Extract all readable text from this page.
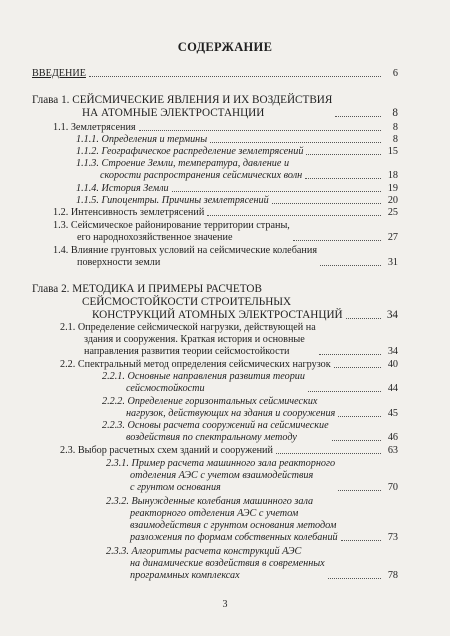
СОДЕРЖАНИЕ
ВВЕДЕНИЕ	6
Глава 1. СЕЙСМИЧЕСКИЕ ЯВЛЕНИЯ И ИХ ВОЗДЕЙСТВИЯ
НА АТОМНЫЕ ЭЛЕКТРОСТАНЦИИ	8
1.1. Землетрясения	8
1.1.1. Определения и термины	8
1.1.2. Географическое распределение землетрясений	15
1.1.3. Строение Земли, температура, давление и
скорости распространения сейсмических волн	18
1.1.4. История Земли	19
1.1.5. Гипоцентры. Причины землетрясений	20
1.2. Интенсивность землетрясений	25
1.3. Сейсмическое районирование территории страны,
его народнохозяйственное значение	27
1.4. Влияние грунтовых условий на сейсмические колебания
поверхности земли	31
Глава 2. МЕТОДИКА И ПРИМЕРЫ РАСЧЕТОВ
СЕЙСМОСТОЙКОСТИ СТРОИТЕЛЬНЫХ
КОНСТРУКЦИЙ АТОМНЫХ ЭЛЕКТРОСТАНЦИЙ	34
2.1. Определение сейсмической нагрузки, действующей на
здания и сооружения. Краткая история и основные
направления развития теории сейсмостойкости	34
2.2. Спектральный метод определения сейсмических нагрузок	40
2.2.1. Основные направления развития теории
сейсмостойкости	44
2.2.2. Определение горизонтальных сейсмических
нагрузок, действующих на здания и сооружения	45
2.2.3. Основы расчета сооружений на сейсмические
воздействия по спектральному методу	46
2.3. Выбор расчетных схем зданий и сооружений	63
2.3.1. Пример расчета машинного зала реакторного
отделения АЭС с учетом взаимодействия
с грунтом основания	70
2.3.2. Вынужденные колебания машинного зала
реакторного отделения АЭС с учетом
взаимодействия с грунтом основания методом
разложения по формам собственных колебаний	73
2.3.3. Алгоритмы расчета конструкций АЭС
на динамические воздействия в современных
программных комплексах	78
3
